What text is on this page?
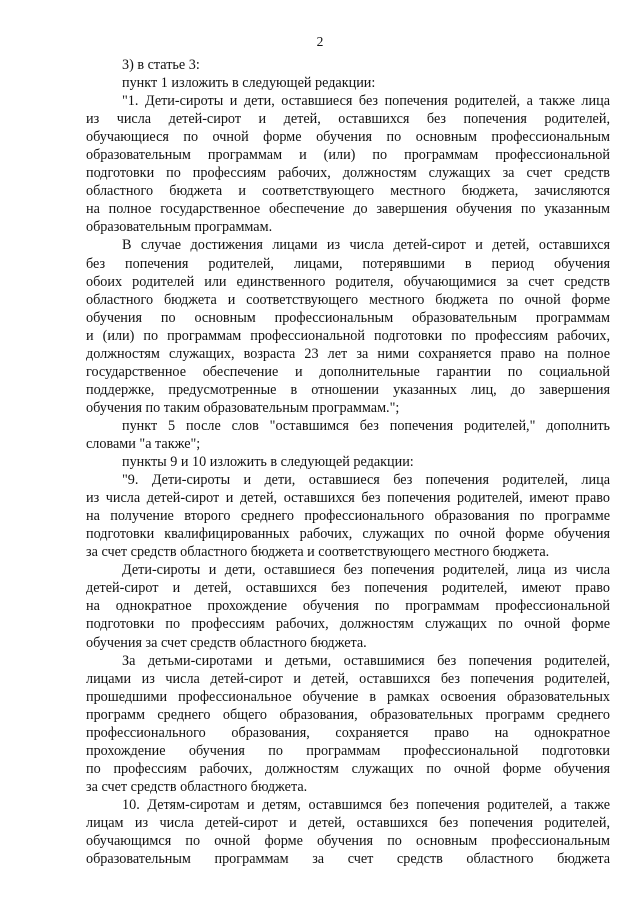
2
3) в статье 3:
пункт 1 изложить в следующей редакции:
"1. Дети-сироты и дети, оставшиеся без попечения родителей, а также лица
из числа детей-сирот и детей, оставшихся без попечения родителей,
обучающиеся по очной форме обучения по основным профессиональным
образовательным программам и (или) по программам профессиональной
подготовки по профессиям рабочих, должностям служащих за счет средств
областного бюджета и соответствующего местного бюджета, зачисляются
на полное государственное обеспечение до завершения обучения по указанным
образовательным программам.
В случае достижения лицами из числа детей-сирот и детей, оставшихся
без попечения родителей, лицами, потерявшими в период обучения
обоих родителей или единственного родителя, обучающимися за счет средств
областного бюджета и соответствующего местного бюджета по очной форме
обучения по основным профессиональным образовательным программам
и (или) по программам профессиональной подготовки по профессиям рабочих,
должностям служащих, возраста 23 лет за ними сохраняется право на полное
государственное обеспечение и дополнительные гарантии по социальной
поддержке, предусмотренные в отношении указанных лиц, до завершения
обучения по таким образовательным программам.";
пункт 5 после слов "оставшимся без попечения родителей," дополнить
словами "а также";
пункты 9 и 10 изложить в следующей редакции:
"9. Дети-сироты и дети, оставшиеся без попечения родителей, лица
из числа детей-сирот и детей, оставшихся без попечения родителей, имеют право
на получение второго среднего профессионального образования по программе
подготовки квалифицированных рабочих, служащих по очной форме обучения
за счет средств областного бюджета и соответствующего местного бюджета.
Дети-сироты и дети, оставшиеся без попечения родителей, лица из числа
детей-сирот и детей, оставшихся без попечения родителей, имеют право
на однократное прохождение обучения по программам профессиональной
подготовки по профессиям рабочих, должностям служащих по очной форме
обучения за счет средств областного бюджета.
За детьми-сиротами и детьми, оставшимися без попечения родителей,
лицами из числа детей-сирот и детей, оставшихся без попечения родителей,
прошедшими профессиональное обучение в рамках освоения образовательных
программ среднего общего образования, образовательных программ среднего
профессионального образования, сохраняется право на однократное
прохождение обучения по программам профессиональной подготовки
по профессиям рабочих, должностям служащих по очной форме обучения
за счет средств областного бюджета.
10. Детям-сиротам и детям, оставшимся без попечения родителей, а также
лицам из числа детей-сирот и детей, оставшихся без попечения родителей,
обучающимся по очной форме обучения по основным профессиональным
образовательным программам за счет средств областного бюджета
